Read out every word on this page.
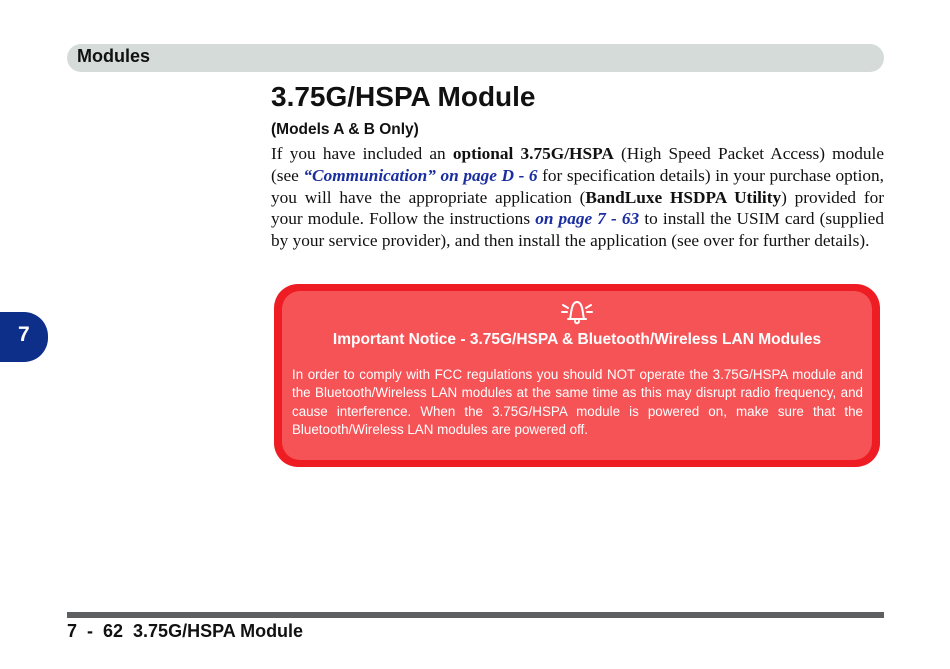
Modules
7
3.75G/HSPA Module
(Models A & B Only)

If you have included an optional 3.75G/HSPA (High Speed Packet Access) module (see “Communication” on page D - 6 for specification details) in your purchase option, you will have the appropriate application (BandLuxe HSDPA Utility) provided for your module. Follow the instructions on page 7 - 63 to install the USIM card (supplied by your service provider), and then install the application (see over for further details).

Important Notice - 3.75G/HSPA & Bluetooth/Wireless LAN Modules
In order to comply with FCC regulations you should NOT operate the 3.75G/HSPA module and the Bluetooth/Wireless LAN modules at the same time as this may disrupt radio frequency, and cause interference. When the 3.75G/HSPA module is powered on, make sure that the Bluetooth/Wireless LAN modules are powered off.
7  -  62  3.75G/HSPA Module
